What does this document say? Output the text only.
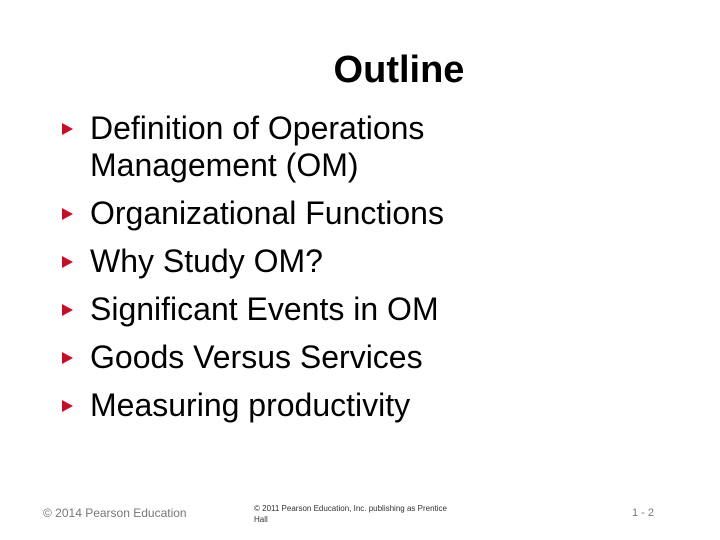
Outline
Definition of Operations Management (OM)
Organizational Functions
Why Study OM?
Significant Events in OM
Goods Versus Services
Measuring productivity
© 2014 Pearson Education	© 2011 Pearson Education, Inc. publishing as Prentice Hall
1 - 2
